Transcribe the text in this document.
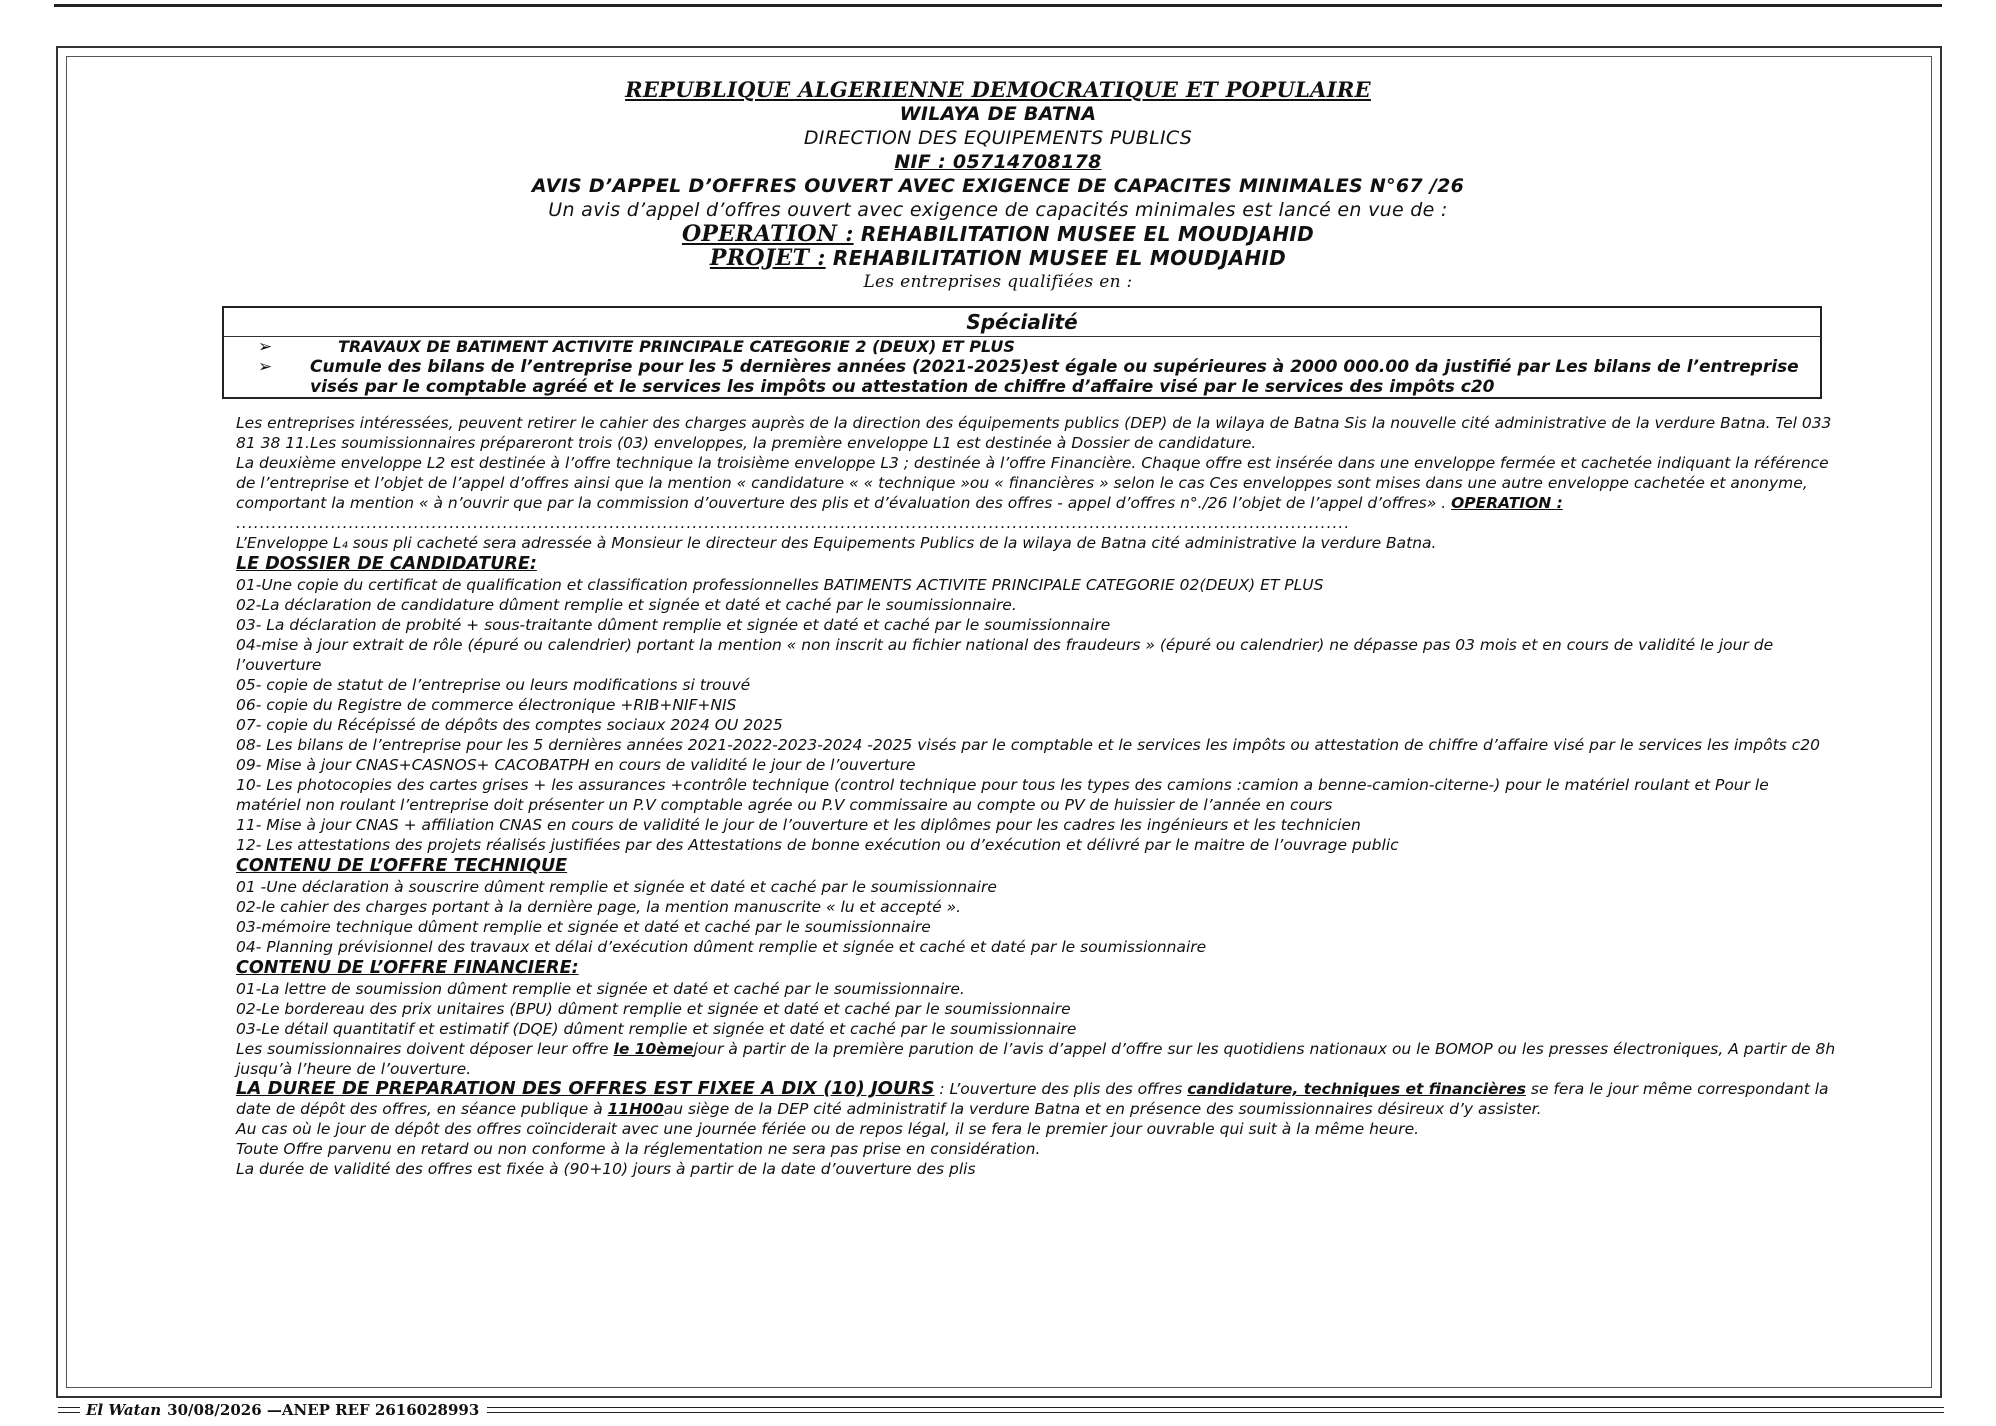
REPUBLIQUE ALGERIENNE DEMOCRATIQUE ET POPULAIRE
WILAYA DE BATNA
DIRECTION DES EQUIPEMENTS PUBLICS
NIF : 05714708178
AVIS D’APPEL D’OFFRES OUVERT AVEC EXIGENCE DE CAPACITES MINIMALES N°67 /26
Un avis d’appel d’offres ouvert avec exigence de capacités minimales est lancé en vue de :
OPERATION : REHABILITATION MUSEE EL MOUDJAHID
PROJET : REHABILITATION MUSEE EL MOUDJAHID
Les entreprises qualifiées en :
Spécialité
➢	TRAVAUX DE BATIMENT ACTIVITE PRINCIPALE CATEGORIE 2 (DEUX) ET PLUS
➢	Cumule des bilans de l’entreprise pour les 5 dernières années (2021-2025)est égale ou supérieures à 2000 000.00 da justifié par Les bilans de l’entreprise visés par le comptable agréé et le services les impôts ou attestation de chiffre d’affaire visé par le services des impôts c20

Les entreprises intéressées, peuvent retirer le cahier des charges auprès de la direction des équipements publics (DEP) de la wilaya de Batna Sis la nouvelle cité administrative de la verdure Batna. Tel 033 81 38 11.Les soumissionnaires prépareront trois (03) enveloppes, la première enveloppe L1 est destinée à Dossier de candidature.

La deuxième enveloppe L2 est destinée à l’offre technique la troisième enveloppe L3 ; destinée à l’offre Financière. Chaque offre est insérée dans une enveloppe fermée et cachetée indiquant la référence de l’entreprise et l’objet de l’appel d’offres ainsi que la mention « candidature « « technique »ou « financières » selon le cas Ces enveloppes sont mises dans une autre enveloppe cachetée et anonyme, comportant la mention « à n’ouvrir que par la commission d’ouverture des plis et d’évaluation des offres - appel d’offres n°./26 l’objet de l’appel d’offres» . OPERATION :

............................................................................................................................................................................................

L’Enveloppe L₄ sous pli cacheté sera adressée à Monsieur le directeur des Equipements Publics de la wilaya de Batna cité administrative la verdure Batna.

LE DOSSIER DE CANDIDATURE:

01-Une copie du certificat de qualification et classification professionnelles BATIMENTS ACTIVITE PRINCIPALE CATEGORIE 02(DEUX) ET PLUS

02-La déclaration de candidature dûment remplie et signée et daté et caché par le soumissionnaire.

03- La déclaration de probité + sous-traitante dûment remplie et signée et daté et caché par le soumissionnaire

04-mise à jour extrait de rôle (épuré ou calendrier) portant la mention « non inscrit au fichier national des fraudeurs » (épuré ou calendrier) ne dépasse pas 03 mois et en cours de validité le jour de l’ouverture

05- copie de statut de l’entreprise ou leurs modifications si trouvé

06- copie du Registre de commerce électronique +RIB+NIF+NIS

07- copie du Récépissé de dépôts des comptes sociaux 2024 OU 2025

08- Les bilans de l’entreprise pour les 5 dernières années 2021-2022-2023-2024 -2025 visés par le comptable et le services les impôts ou attestation de chiffre d’affaire visé par le services les impôts c20

09- Mise à jour CNAS+CASNOS+ CACOBATPH en cours de validité le jour de l’ouverture

10- Les photocopies des cartes grises + les assurances +contrôle technique (control technique pour tous les types des camions :camion a benne-camion-citerne-) pour le matériel roulant et Pour le matériel non roulant l’entreprise doit présenter un P.V comptable agrée ou P.V commissaire au compte ou PV de huissier de l’année en cours

11- Mise à jour CNAS + affiliation CNAS en cours de validité le jour de l’ouverture et les diplômes pour les cadres les ingénieurs et les technicien

12- Les attestations des projets réalisés justifiées par des Attestations de bonne exécution ou d’exécution et délivré par le maitre de l’ouvrage public

CONTENU DE L’OFFRE TECHNIQUE

01 -Une déclaration à souscrire dûment remplie et signée et daté et caché par le soumissionnaire

02-le cahier des charges portant à la dernière page, la mention manuscrite « lu et accepté ».

03-mémoire technique dûment remplie et signée et daté et caché par le soumissionnaire

04- Planning prévisionnel des travaux et délai d’exécution dûment remplie et signée et caché et daté par le soumissionnaire

CONTENU DE L’OFFRE FINANCIERE:

01-La lettre de soumission dûment remplie et signée et daté et caché par le soumissionnaire.

02-Le bordereau des prix unitaires (BPU) dûment remplie et signée et daté et caché par le soumissionnaire

03-Le détail quantitatif et estimatif (DQE) dûment remplie et signée et daté et caché par le soumissionnaire

Les soumissionnaires doivent déposer leur offre le 10èmejour à partir de la première parution de l’avis d’appel d’offre sur les quotidiens nationaux ou le BOMOP ou les presses électroniques, A partir de 8h jusqu’à l’heure de l’ouverture.

LA DUREE DE PREPARATION DES OFFRES EST FIXEE A DIX (10) JOURS : L’ouverture des plis des offres candidature, techniques et financières se fera le jour même correspondant la date de dépôt des offres, en séance publique à 11H00au siège de la DEP cité administratif la verdure Batna et en présence des soumissionnaires désireux d’y assister.

Au cas où le jour de dépôt des offres coïnciderait avec une journée fériée ou de repos légal, il se fera le premier jour ouvrable qui suit à la même heure.

Toute Offre parvenu en retard ou non conforme à la réglementation ne sera pas prise en considération.

La durée de validité des offres est fixée à (90+10) jours à partir de la date d’ouverture des plis

El Watan 30/08/2026 —ANEP REF 2616028993
